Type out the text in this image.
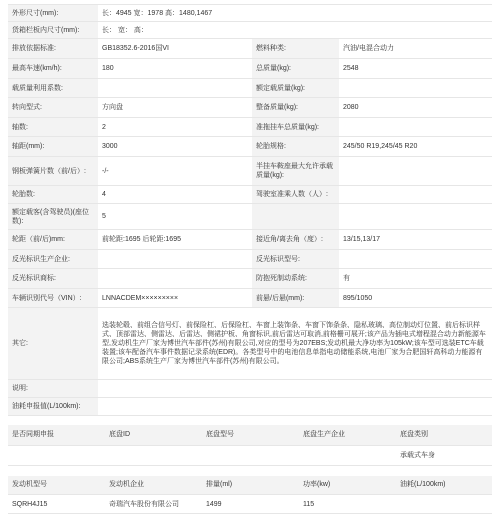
外形尺寸(mm):	长：4945 宽：1978 高：1480,1467		
货箱栏板内尺寸(mm):	长： 宽： 高：		
排放依据标准:	GB18352.6-2016国VI	燃料种类:	汽油/电混合动力
最高车速(km/h):	180	总质量(kg):	2548
载质量利用系数:		额定载质量(kg):	
转向型式:	方向盘	整备质量(kg):	2080
轴数:	2	准拖挂车总质量(kg):	
轴距(mm):	3000	轮胎规格:	245/50 R19,245/45 R20
钢板弹簧片数（前/后）:	-/-	半挂车鞍座最大允许承载质量(kg):	
轮胎数:	4	驾驶室准乘人数（人）:	
额定载客(含驾驶员)(座位数):	5		
轮距（前/后)mm:	前轮距:1695 后轮距:1695	接近角/离去角（度）:	13/15,13/17
反光标识生产企业:		反光标识型号:	
反光标识商标:		防抱死制动系统:	有
车辆识别代号（VIN）:	LNNACDEM×××××××××	前悬/后悬(mm):	895/1050
其它:	选装轮毂、前组合信号灯、前保险杠、后保险杠、车窗上装饰条、车窗下饰条条、隐私玻璃、高位制动灯位置、前后标识样式、顶部雷达、侧雷达、后雷达、侧裙护板、角窗标识,前后雷达可取消,前格栅可展开;该产品为插电式增程混合动力新能源车型,发动机生产厂家为博世汽车部件(苏州)有限公司,对应的型号为207EBS;发动机最大净功率为105kW;该车型可选装ETC车载装置;该车配备汽车事件数据记录系统(EDR)。各类型号中的电池信息单指电动储能系统,电池厂家为合肥国轩高科动力能源有限公司;ABS系统生产厂家为博世汽车部件(苏州)有限公司。		
说明:			
油耗申报值(L/100km):			
是否同期申报	底盘ID	底盘型号	底盘生产企业	底盘类别
				承载式车身
发动机型号	发动机企业	排量(ml)	功率(kw)	油耗(L/100km)
SQRH4J15	奇瑞汽车股份有限公司	1499	115	
